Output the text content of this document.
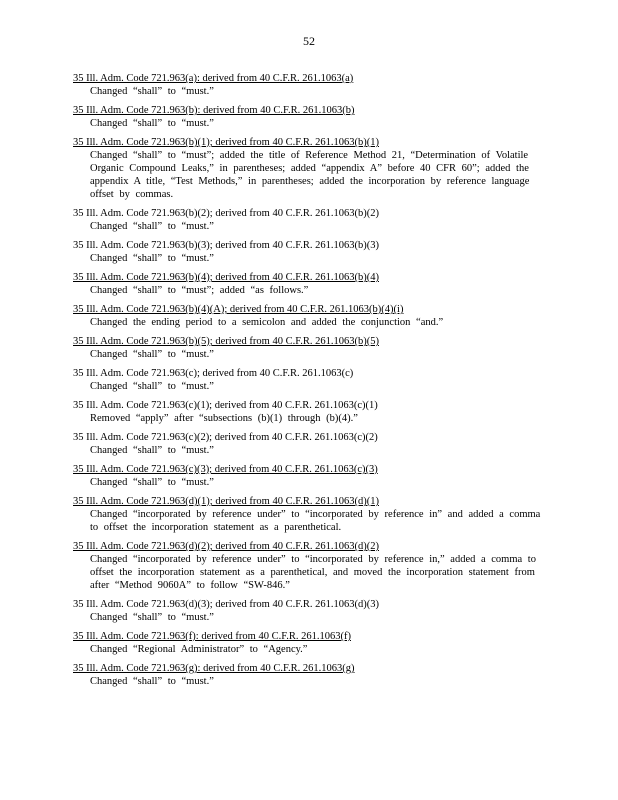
52
35 Ill. Adm. Code 721.963(a): derived from 40 C.F.R. 261.1063(a)
Changed “shall” to “must.”
35 Ill. Adm. Code 721.963(b): derived from 40 C.F.R. 261.1063(b)
Changed “shall” to “must.”
35 Ill. Adm. Code 721.963(b)(1); derived from 40 C.F.R. 261.1063(b)(1)
Changed “shall” to “must”; added the title of Reference Method 21, “Determination of Volatile Organic Compound Leaks,” in parentheses; added “appendix A” before 40 CFR 60”; added the appendix A title, “Test Methods,” in parentheses; added the incorporation by reference language offset by commas.
35 Ill. Adm. Code 721.963(b)(2); derived from 40 C.F.R. 261.1063(b)(2)
Changed “shall” to “must.”
35 Ill. Adm. Code 721.963(b)(3); derived from 40 C.F.R. 261.1063(b)(3)
Changed “shall” to “must.”
35 Ill. Adm. Code 721.963(b)(4); derived from 40 C.F.R. 261.1063(b)(4)
Changed “shall” to “must”; added “as follows.”
35 Ill. Adm. Code 721.963(b)(4)(A); derived from 40 C.F.R. 261.1063(b)(4)(i)
Changed the ending period to a semicolon and added the conjunction “and.”
35 Ill. Adm. Code 721.963(b)(5); derived from 40 C.F.R. 261.1063(b)(5)
Changed “shall” to “must.”
35 Ill. Adm. Code 721.963(c); derived from 40 C.F.R. 261.1063(c)
Changed “shall” to “must.”
35 Ill. Adm. Code 721.963(c)(1); derived from 40 C.F.R. 261.1063(c)(1)
Removed “apply” after “subsections (b)(1) through (b)(4).”
35 Ill. Adm. Code 721.963(c)(2); derived from 40 C.F.R. 261.1063(c)(2)
Changed “shall” to “must.”
35 Ill. Adm. Code 721.963(c)(3); derived from 40 C.F.R. 261.1063(c)(3)
Changed “shall” to “must.”
35 Ill. Adm. Code 721.963(d)(1); derived from 40 C.F.R. 261.1063(d)(1)
Changed “incorporated by reference under” to “incorporated by reference in” and added a comma to offset the incorporation statement as a parenthetical.
35 Ill. Adm. Code 721.963(d)(2); derived from 40 C.F.R. 261.1063(d)(2)
Changed “incorporated by reference under” to “incorporated by reference in,” added a comma to offset the incorporation statement as a parenthetical, and moved the incorporation statement from after “Method 9060A” to follow “SW-846.”
35 Ill. Adm. Code 721.963(d)(3); derived from 40 C.F.R. 261.1063(d)(3)
Changed “shall” to “must.”
35 Ill. Adm. Code 721.963(f): derived from 40 C.F.R. 261.1063(f)
Changed “Regional Administrator” to “Agency.”
35 Ill. Adm. Code 721.963(g): derived from 40 C.F.R. 261.1063(g)
Changed “shall” to “must.”
